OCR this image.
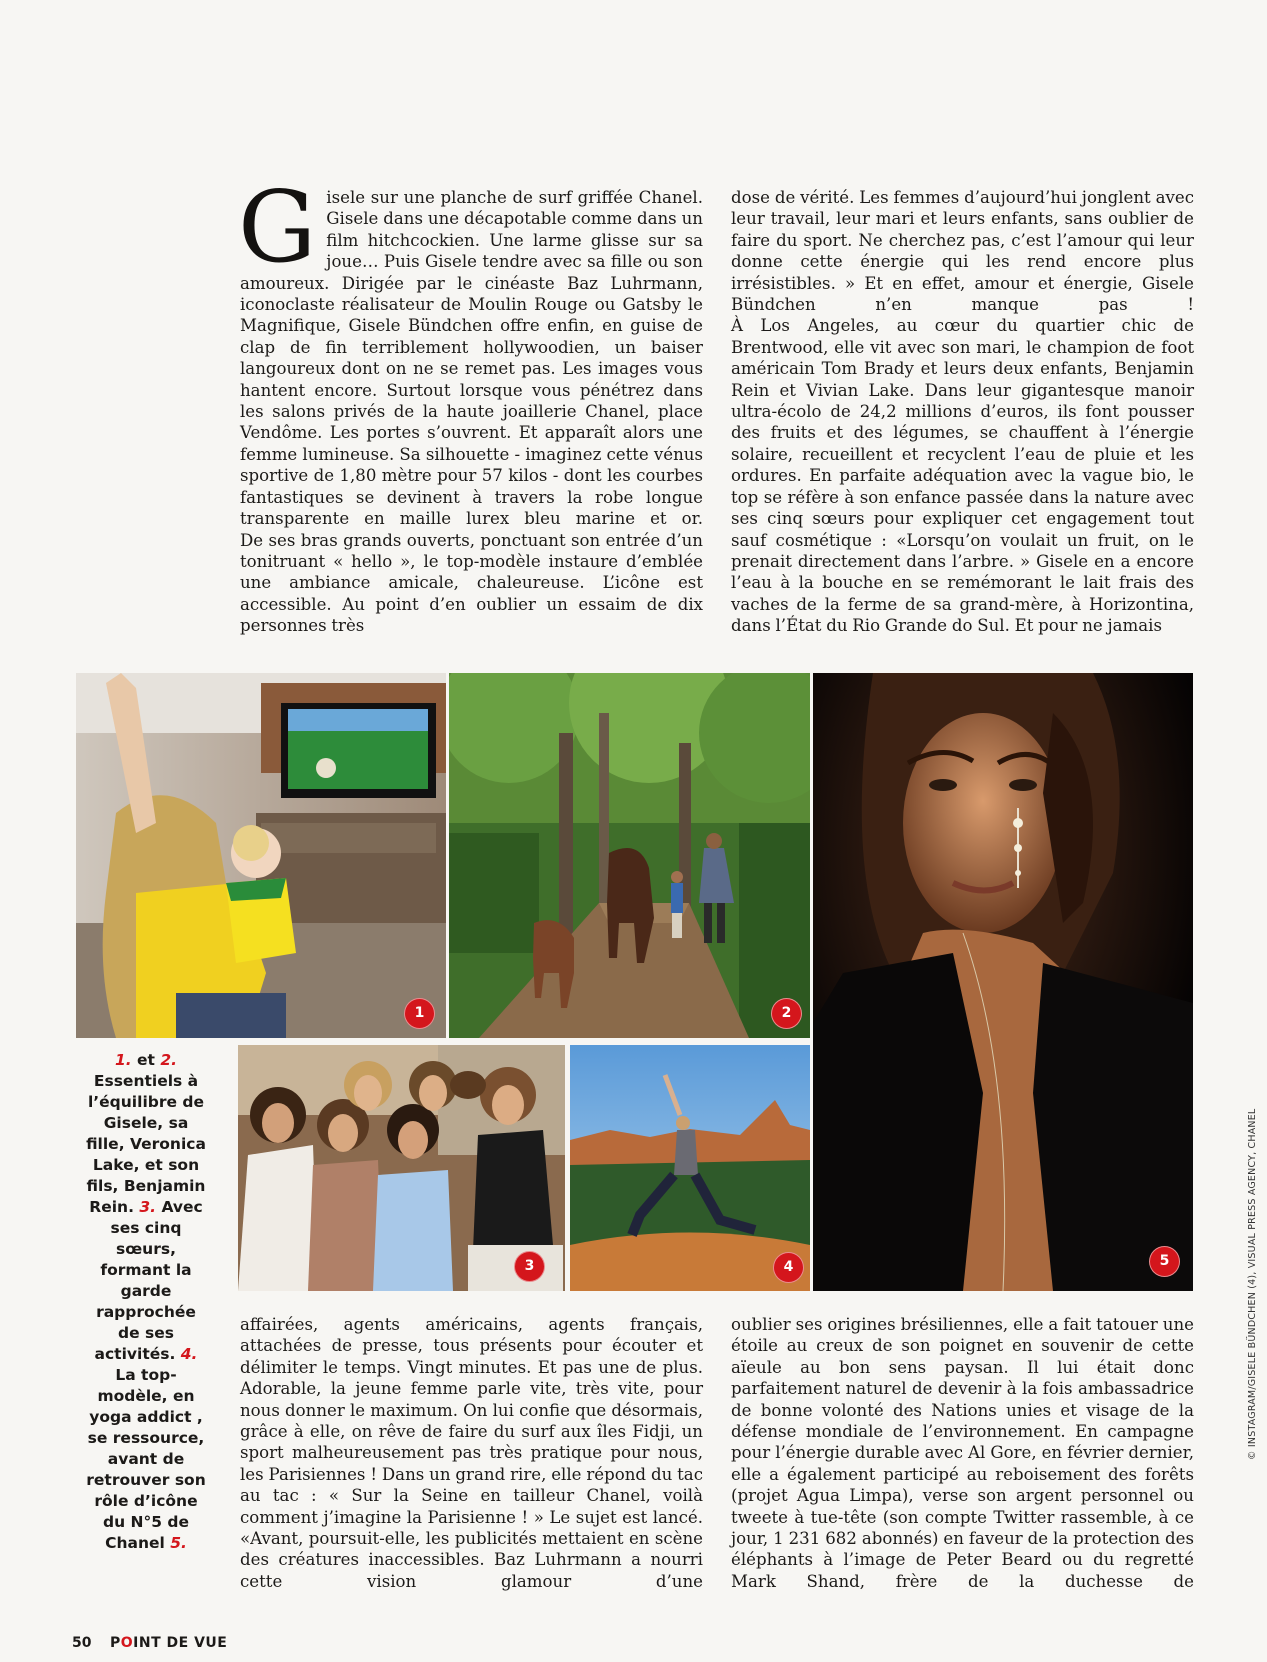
G isele sur une planche de surf griffée Chanel. Gisele dans une décapotable comme dans un film hitchcockien. Une larme glisse sur sa joue… Puis Gisele tendre avec sa fille ou son amoureux. Dirigée par le cinéaste Baz Luhrmann, iconoclaste réalisateur de Moulin Rouge ou Gatsby le Magnifique, Gisele Bündchen offre enfin, en guise de clap de fin terriblement hollywoodien, un baiser langoureux dont on ne se remet pas. Les images vous hantent encore. Surtout lorsque vous pénétrez dans les salons privés de la haute joaillerie Chanel, place Vendôme. Les portes s’ouvrent. Et apparaît alors une femme lumineuse. Sa silhouette - imaginez cette vénus sportive de 1,80 mètre pour 57 kilos - dont les courbes fantastiques se devinent à travers la robe longue transparente en maille lurex bleu marine et or.

De ses bras grands ouverts, ponctuant son entrée d’un tonitruant « hello », le top-modèle instaure d’emblée une ambiance amicale, chaleureuse. L’icône est accessible. Au point d’en oublier un essaim de dix personnes très

dose de vérité. Les femmes d’aujourd’hui jonglent avec leur travail, leur mari et leurs enfants, sans oublier de faire du sport. Ne cherchez pas, c’est l’amour qui leur donne cette énergie qui les rend encore plus irrésistibles. » Et en effet, amour et énergie, Gisele Bündchen n’en manque pas !

À Los Angeles, au cœur du quartier chic de Brentwood, elle vit avec son mari, le champion de foot américain Tom Brady et leurs deux enfants, Benjamin Rein et Vivian Lake. Dans leur gigantesque manoir ultra-écolo de 24,2 millions d’euros, ils font pousser des fruits et des légumes, se chauffent à l’énergie solaire, recueillent et recyclent l’eau de pluie et les ordures. En parfaite adéquation avec la vague bio, le top se réfère à son enfance passée dans la nature avec ses cinq sœurs pour expliquer cet engagement tout sauf cosmétique : «Lorsqu’on voulait un fruit, on le prenait directement dans l’arbre. » Gisele en a encore l’eau à la bouche en se remémorant le lait frais des vaches de la ferme de sa grand-mère, à Horizontina, dans l’État du Rio Grande do Sul. Et pour ne jamais

1	2
5
3	4
1. et 2. Essentiels à l’équilibre de Gisele, sa fille, Veronica Lake, et son fils, Benjamin Rein. 3. Avec ses cinq sœurs, formant la garde rapprochée de ses activités. 4. La top-modèle, en yoga addict , se ressource, avant de retrouver son rôle d’icône du N°5 de Chanel 5.

affairées, agents américains, agents français, attachées de presse, tous présents pour écouter et délimiter le temps. Vingt minutes. Et pas une de plus. Adorable, la jeune femme parle vite, très vite, pour nous donner le maximum. On lui confie que désormais, grâce à elle, on rêve de faire du surf aux îles Fidji, un sport malheureusement pas très pratique pour nous, les Parisiennes ! Dans un grand rire, elle répond du tac au tac : « Sur la Seine en tailleur Chanel, voilà comment j’imagine la Parisienne ! » Le sujet est lancé. «Avant, poursuit-elle, les publicités mettaient en scène des créatures inaccessibles. Baz Luhrmann a nourri cette vision glamour d’une

oublier ses origines brésiliennes, elle a fait tatouer une étoile au creux de son poignet en souvenir de cette aïeule au bon sens paysan. Il lui était donc parfaitement naturel de devenir à la fois ambassadrice de bonne volonté des Nations unies et visage de la défense mondiale de l’environnement. En campagne pour l’énergie durable avec Al Gore, en février dernier, elle a également participé au reboisement des forêts (projet Agua Limpa), verse son argent personnel ou tweete à tue-tête (son compte Twitter rassemble, à ce jour, 1 231 682 abonnés) en faveur de la protection des éléphants à l’image de Peter Beard ou du regretté Mark Shand, frère de la duchesse de

© INSTAGRAM/GISELE BÜNDCHEN (4), VISUAL PRESS AGENCY, CHANEL
50 POINT DE VUE
